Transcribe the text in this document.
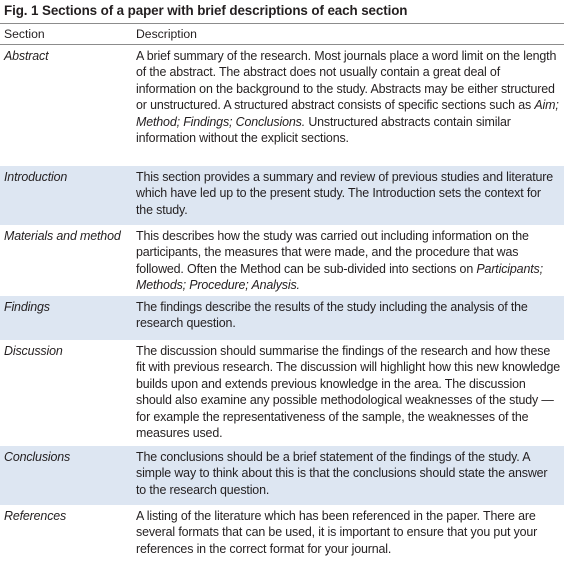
Fig. 1 Sections of a paper with brief descriptions of each section
Section	Description
Abstract	A brief summary of the research. Most journals place a word limit on the length of the abstract. The abstract does not usually contain a great deal of information on the background to the study. Abstracts may be either structured or unstructured. A structured abstract consists of specific sections such as Aim; Method; Findings; Conclusions. Unstructured abstracts contain similar information without the explicit sections.
Introduction	This section provides a summary and review of previous studies and literature which have led up to the present study. The Introduction sets the context for the study.
Materials and method	This describes how the study was carried out including information on the participants, the measures that were made, and the procedure that was followed. Often the Method can be sub-divided into sections on Participants; Methods; Procedure; Analysis.
Findings	The findings describe the results of the study including the analysis of the research question.
Discussion	The discussion should summarise the findings of the research and how these fit with previous research. The discussion will highlight how this new knowledge builds upon and extends previous knowledge in the area. The discussion should also examine any possible methodological weaknesses of the study — for example the representativeness of the sample, the weaknesses of the measures used.
Conclusions	The conclusions should be a brief statement of the findings of the study. A simple way to think about this is that the conclusions should state the answer to the research question.
References	A listing of the literature which has been referenced in the paper. There are several formats that can be used, it is important to ensure that you put your references in the correct format for your journal.
